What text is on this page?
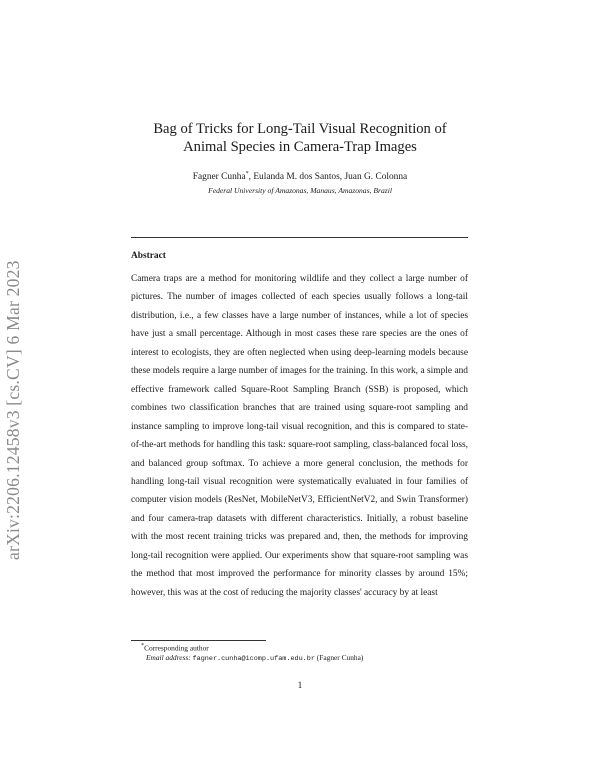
arXiv:2206.12458v3 [cs.CV] 6 Mar 2023
Bag of Tricks for Long-Tail Visual Recognition of
Animal Species in Camera-Trap Images
Fagner Cunha*, Eulanda M. dos Santos, Juan G. Colonna
Federal University of Amazonas, Manaus, Amazonas, Brazil
Abstract
Camera traps are a method for monitoring wildlife and they collect a large number of pictures. The number of images collected of each species usually follows a long-tail distribution, i.e., a few classes have a large number of instances, while a lot of species have just a small percentage. Although in most cases these rare species are the ones of interest to ecologists, they are often neglected when using deep-learning models because these models require a large number of images for the training. In this work, a simple and effective framework called Square-Root Sampling Branch (SSB) is proposed, which combines two classification branches that are trained using square-root sampling and instance sampling to improve long-tail visual recognition, and this is compared to state-of-the-art methods for handling this task: square-root sampling, class-balanced focal loss, and balanced group softmax. To achieve a more general conclusion, the methods for handling long-tail visual recognition were systematically evaluated in four families of computer vision models (ResNet, MobileNetV3, EfficientNetV2, and Swin Transformer) and four camera-trap datasets with different characteristics. Initially, a robust baseline with the most recent training tricks was prepared and, then, the methods for improving long-tail recognition were applied. Our experiments show that square-root sampling was the method that most improved the performance for minority classes by around 15%; however, this was at the cost of reducing the majority classes' accuracy by at least
*Corresponding author
Email address: fagner.cunha@icomp.ufam.edu.br (Fagner Cunha)
1
